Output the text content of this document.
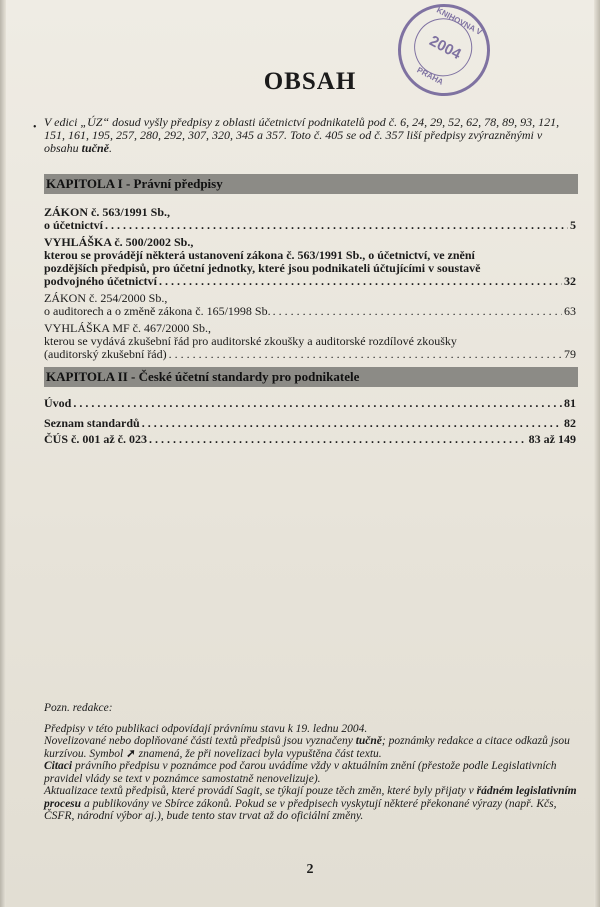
KNIHOVNA V
2004
PRAHA
OBSAH
• V edici „ÚZ“ dosud vyšly předpisy z oblasti účetnictví podnikatelů pod č. 6, 24, 29, 52, 62, 78, 89, 93, 121, 151, 161, 195, 257, 280, 292, 307, 320, 345 a 357. Toto č. 405 se od č. 357 liší předpisy zvýrazněnými v obsahu tučně.
KAPITOLA I - Právní předpisy
ZÁKON č. 563/1991 Sb.,
o účetnictví . . .	5
VYHLÁŠKA č. 500/2002 Sb.,
kterou se provádějí některá ustanovení zákona č. 563/1991 Sb., o účetnictví, ve znění
pozdějších předpisů, pro účetní jednotky, které jsou podnikateli účtujícími v soustavě
podvojného účetnictví . . .	32
ZÁKON č. 254/2000 Sb.,
o auditorech a o změně zákona č. 165/1998 Sb. . . .	63
VYHLÁŠKA MF č. 467/2000 Sb.,
kterou se vydává zkušební řád pro auditorské zkoušky a auditorské rozdílové zkoušky
(auditorský zkušební řád) . . .	79
KAPITOLA II - České účetní standardy pro podnikatele
Úvod . . .	81
Seznam standardů . . .	82
ČÚS č. 001 až č. 023 . . .	83 až 149

Pozn. redakce:

Předpisy v této publikaci odpovídají právnímu stavu k 19. lednu 2004.

Novelizované nebo doplňované části textů předpisů jsou vyznačeny tučně; poznámky redakce a citace odkazů jsou kurzívou. Symbol ➚ znamená, že při novelizaci byla vypuštěna část textu.

Citaci právního předpisu v poznámce pod čarou uvádíme vždy v aktuálním znění (přestože podle Legislativních pravidel vlády se text v poznámce samostatně nenovelizuje).

Aktualizace textů předpisů, které provádí Sagit, se týkají pouze těch změn, které byly přijaty v řádném legislativním procesu a publikovány ve Sbírce zákonů. Pokud se v předpisech vyskytují některé překonané výrazy (např. Kčs, ČSFR, národní výbor aj.), bude tento stav trvat až do oficiální změny.

2
